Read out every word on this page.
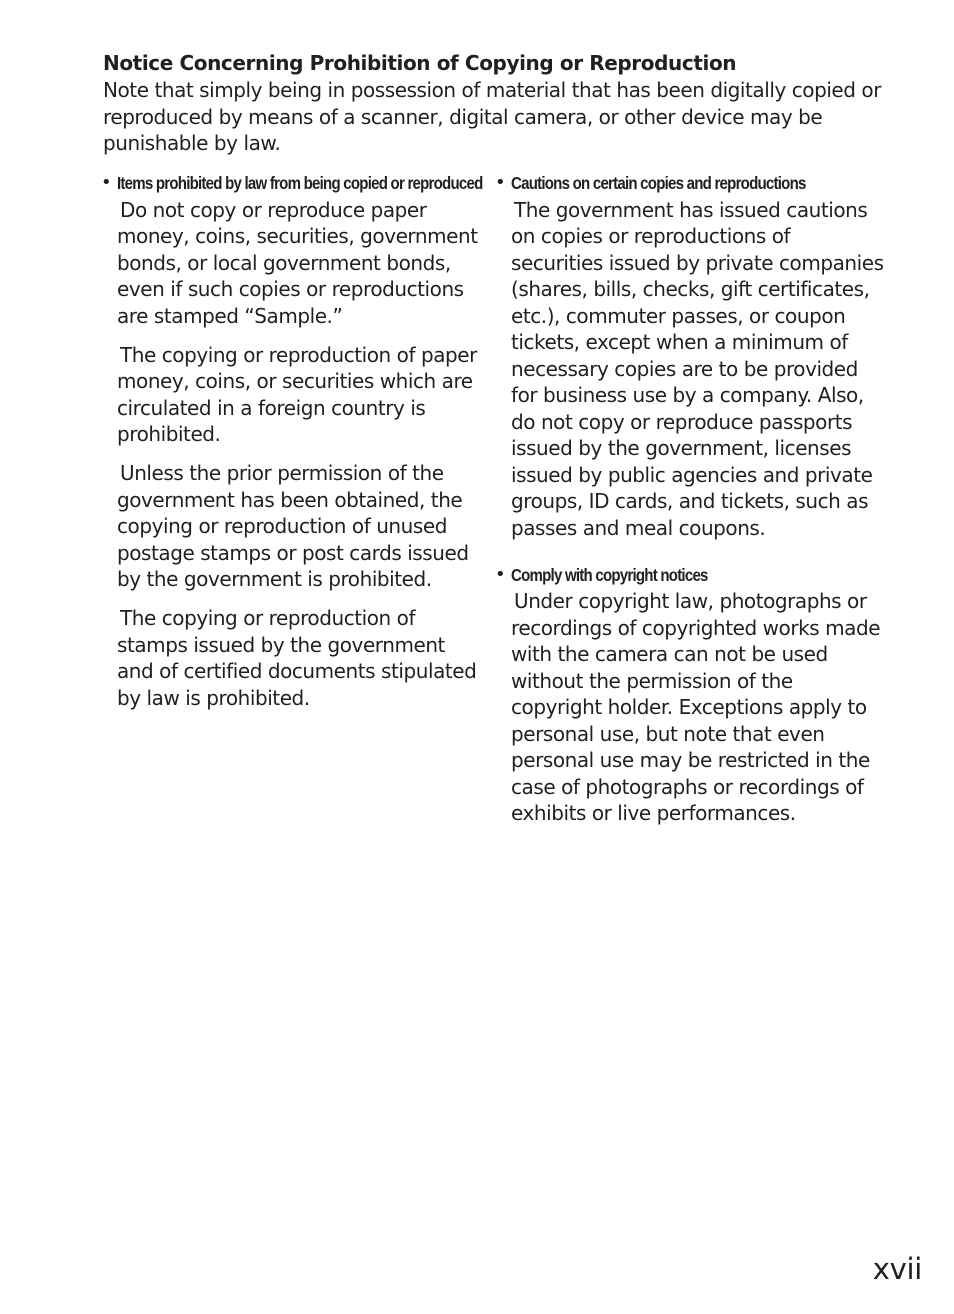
Notice Concerning Prohibition of Copying or Reproduction

Note that simply being in possession of material that has been digitally copied or reproduced by means of a scanner, digital camera, or other device may be punishable by law.

• Items prohibited by law from being copied or reproduced

Do not copy or reproduce paper money, coins, securities, government bonds, or local government bonds, even if such copies or reproductions are stamped “Sample.”

The copying or reproduction of paper money, coins, or securities which are circulated in a foreign country is prohibited.

Unless the prior permission of the government has been obtained, the copying or reproduction of unused postage stamps or post cards issued by the government is prohibited.

The copying or reproduction of stamps issued by the government and of certified documents stipulated by law is prohibited.

• Cautions on certain copies and reproductions

The government has issued cautions on copies or reproductions of securities issued by private companies (shares, bills, checks, gift certificates, etc.), commuter passes, or coupon tickets, except when a minimum of necessary copies are to be provided for business use by a company. Also, do not copy or reproduce passports issued by the government, licenses issued by public agencies and private groups, ID cards, and tickets, such as passes and meal coupons.

• Comply with copyright notices

Under copyright law, photographs or recordings of copyrighted works made with the camera can not be used without the permission of the copyright holder. Exceptions apply to personal use, but note that even personal use may be restricted in the case of photographs or recordings of exhibits or live performances.

xvii
